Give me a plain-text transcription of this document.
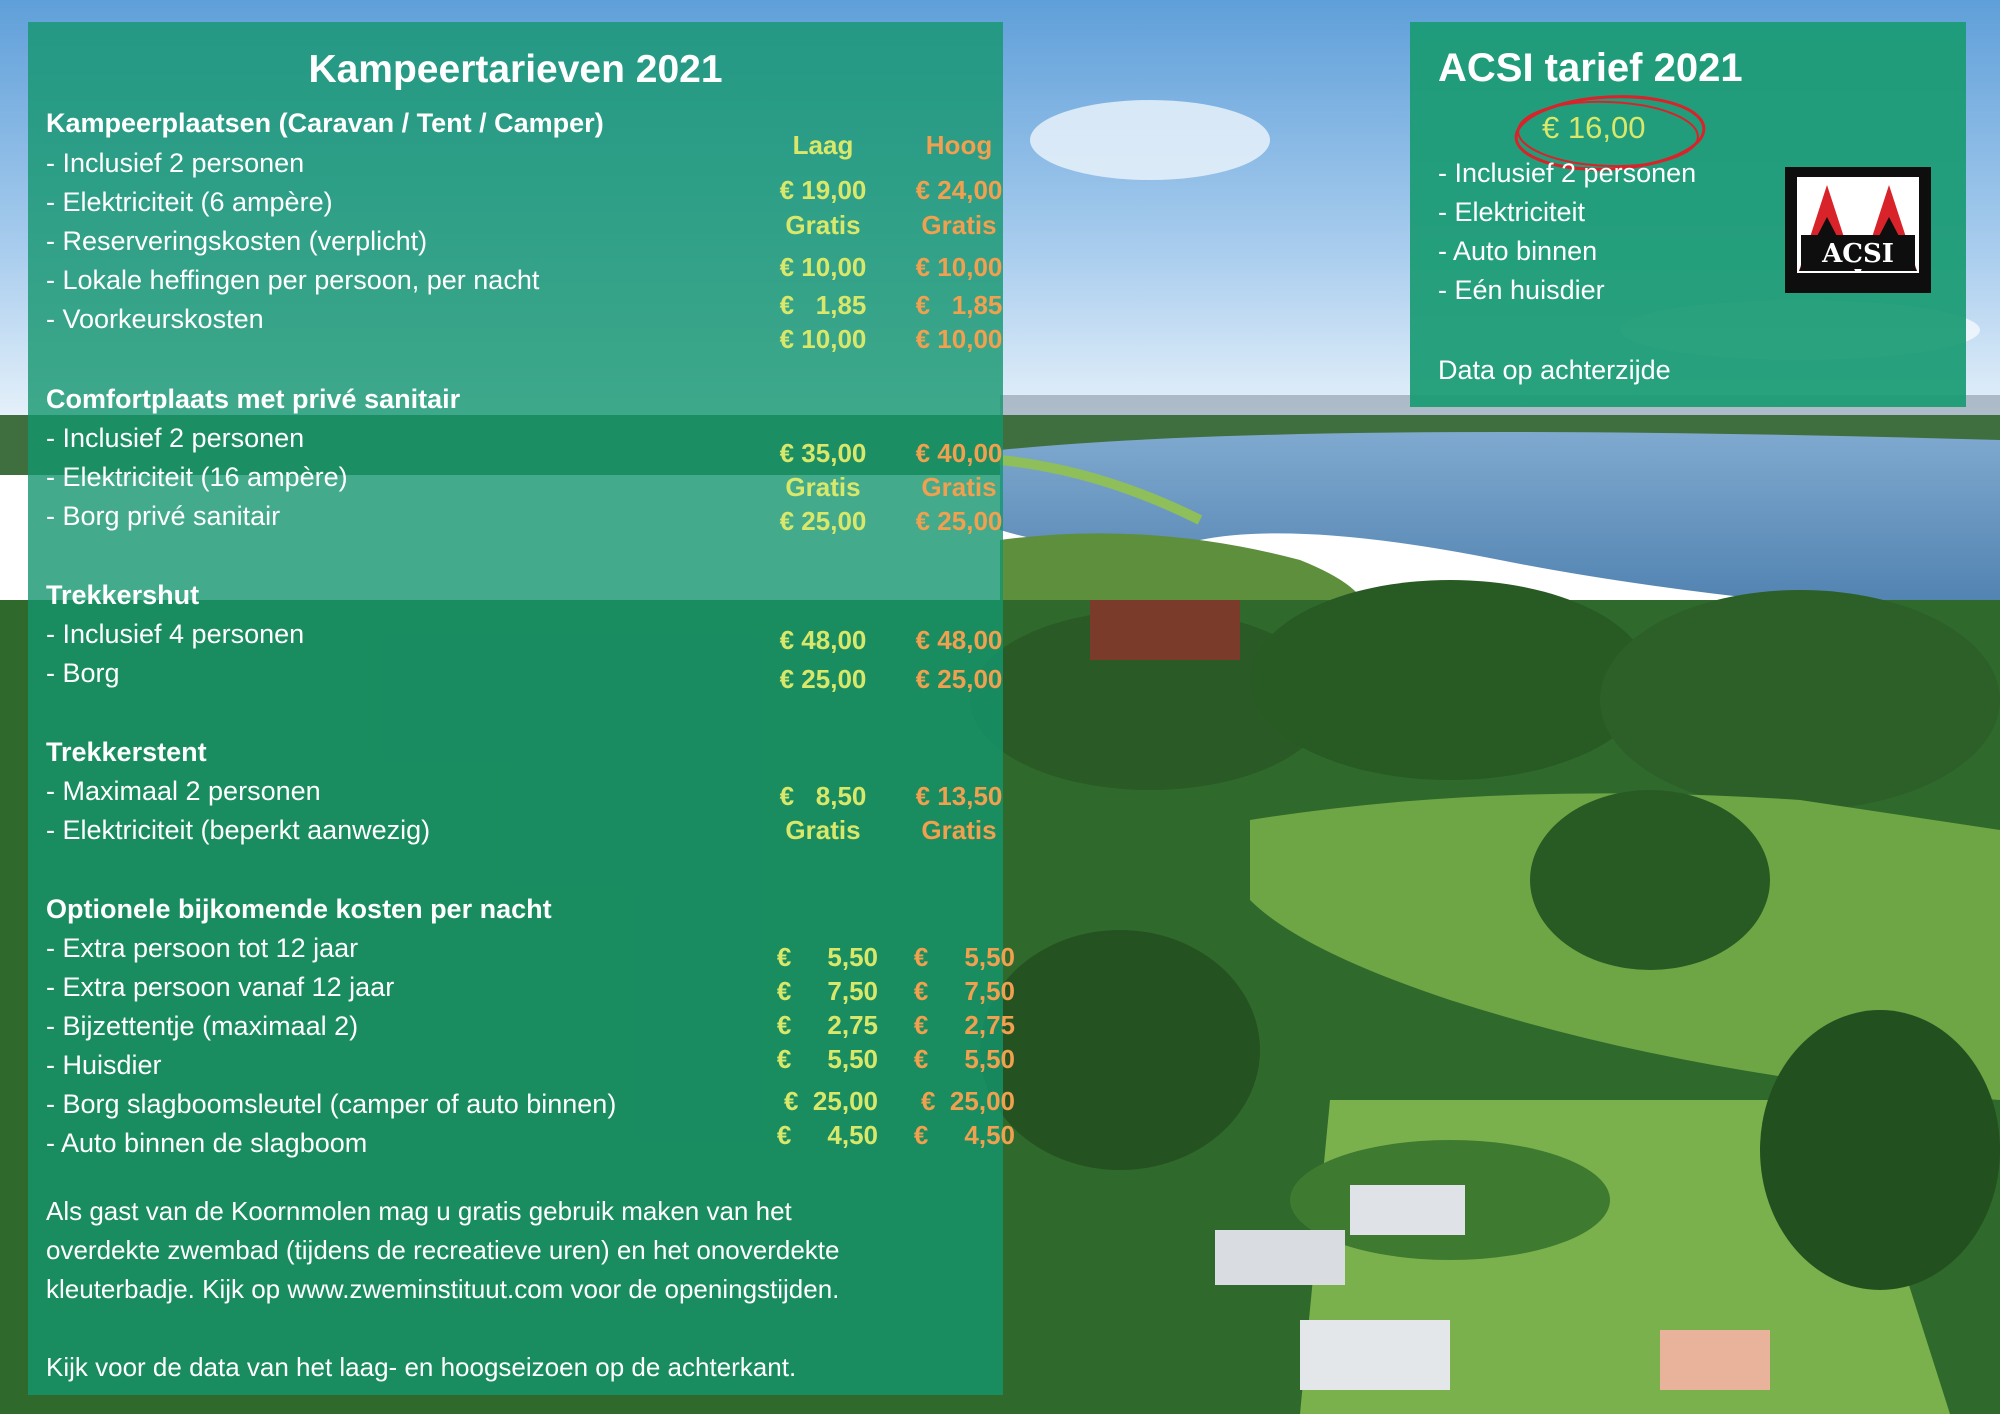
Kampeertarieven 2021
Kampeerplaatsen (Caravan / Tent / Camper)
Laag	Hoog
- Inclusief 2 personen
- Elektriciteit (6 ampère)
- Reserveringskosten (verplicht)
- Lokale heffingen per persoon, per nacht
- Voorkeurskosten
€ 19,00
Gratis
€ 10,00
€   1,85
€ 10,00
€ 24,00
Gratis
€ 10,00
€   1,85
€ 10,00
Comfortplaats met privé sanitair
- Inclusief 2 personen
- Elektriciteit (16 ampère)
- Borg privé sanitair
€ 35,00
Gratis
€ 25,00
€ 40,00
Gratis
€ 25,00
Trekkershut
- Inclusief 4 personen
- Borg
€ 48,00
€ 25,00
€ 48,00
€ 25,00
Trekkerstent
- Maximaal 2 personen
- Elektriciteit (beperkt aanwezig)
€   8,50
Gratis
€ 13,50
Gratis
Optionele bijkomende kosten per nacht
- Extra persoon tot 12 jaar
- Extra persoon vanaf 12 jaar
- Bijzettentje (maximaal 2)
- Huisdier
- Borg slagboomsleutel (camper of auto binnen)
- Auto binnen de slagboom
€     5,50
€     7,50
€     2,75
€     5,50
€  25,00
€     4,50
€     5,50
€     7,50
€     2,75
€     5,50
€  25,00
€     4,50
Als gast van de Koornmolen mag u gratis gebruik maken van het
overdekte zwembad (tijdens de recreatieve uren) en het onoverdekte
kleuterbadje. Kijk op www.zweminstituut.com voor de openingstijden.
Kijk voor de data van het laag- en hoogseizoen op de achterkant.
ACSI tarief 2021
€ 16,00
- Inclusief 2 personen
- Elektriciteit
- Auto binnen
- Eén huisdier
Data op achterzijde
ACSI
